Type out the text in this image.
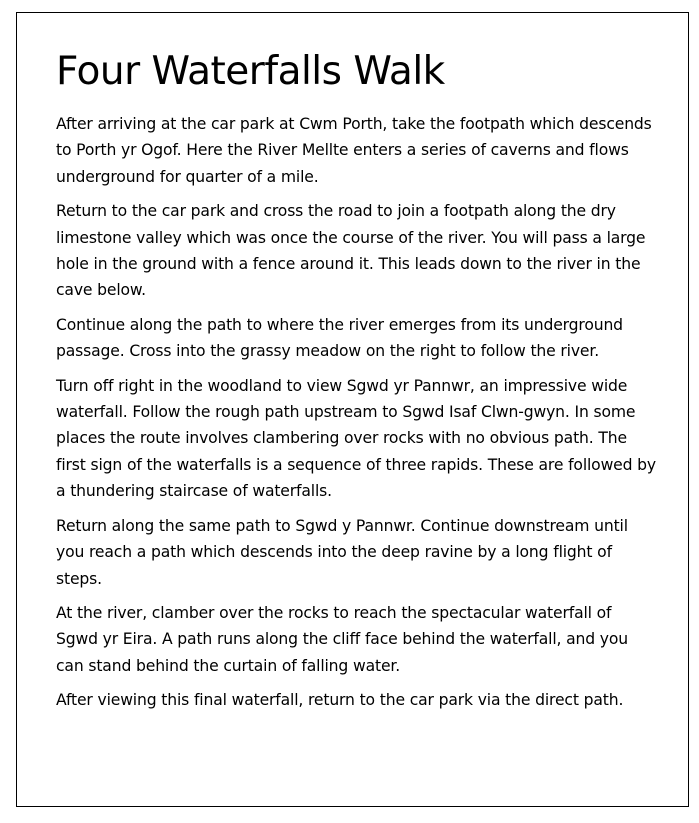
Four Waterfalls Walk

After arriving at the car park at Cwm Porth, take the footpath which descends to Porth yr Ogof. Here the River Mellte enters a series of caverns and flows underground for quarter of a mile.

Return to the car park and cross the road to join a footpath along the dry limestone valley which was once the course of the river. You will pass a large hole in the ground with a fence around it. This leads down to the river in the cave below.

Continue along the path to where the river emerges from its underground passage. Cross into the grassy meadow on the right to follow the river.

Turn off right in the woodland to view Sgwd yr Pannwr, an impressive wide waterfall. Follow the rough path upstream to Sgwd Isaf Clwn-gwyn. In some places the route involves clambering over rocks with no obvious path. The first sign of the waterfalls is a sequence of three rapids. These are followed by a thundering staircase of waterfalls.

Return along the same path to Sgwd y Pannwr. Continue downstream until you reach a path which descends into the deep ravine by a long flight of steps.

At the river, clamber over the rocks to reach the spectacular waterfall of Sgwd yr Eira. A path runs along the cliff face behind the waterfall, and you can stand behind the curtain of falling water.

After viewing this final waterfall, return to the car park via the direct path.
